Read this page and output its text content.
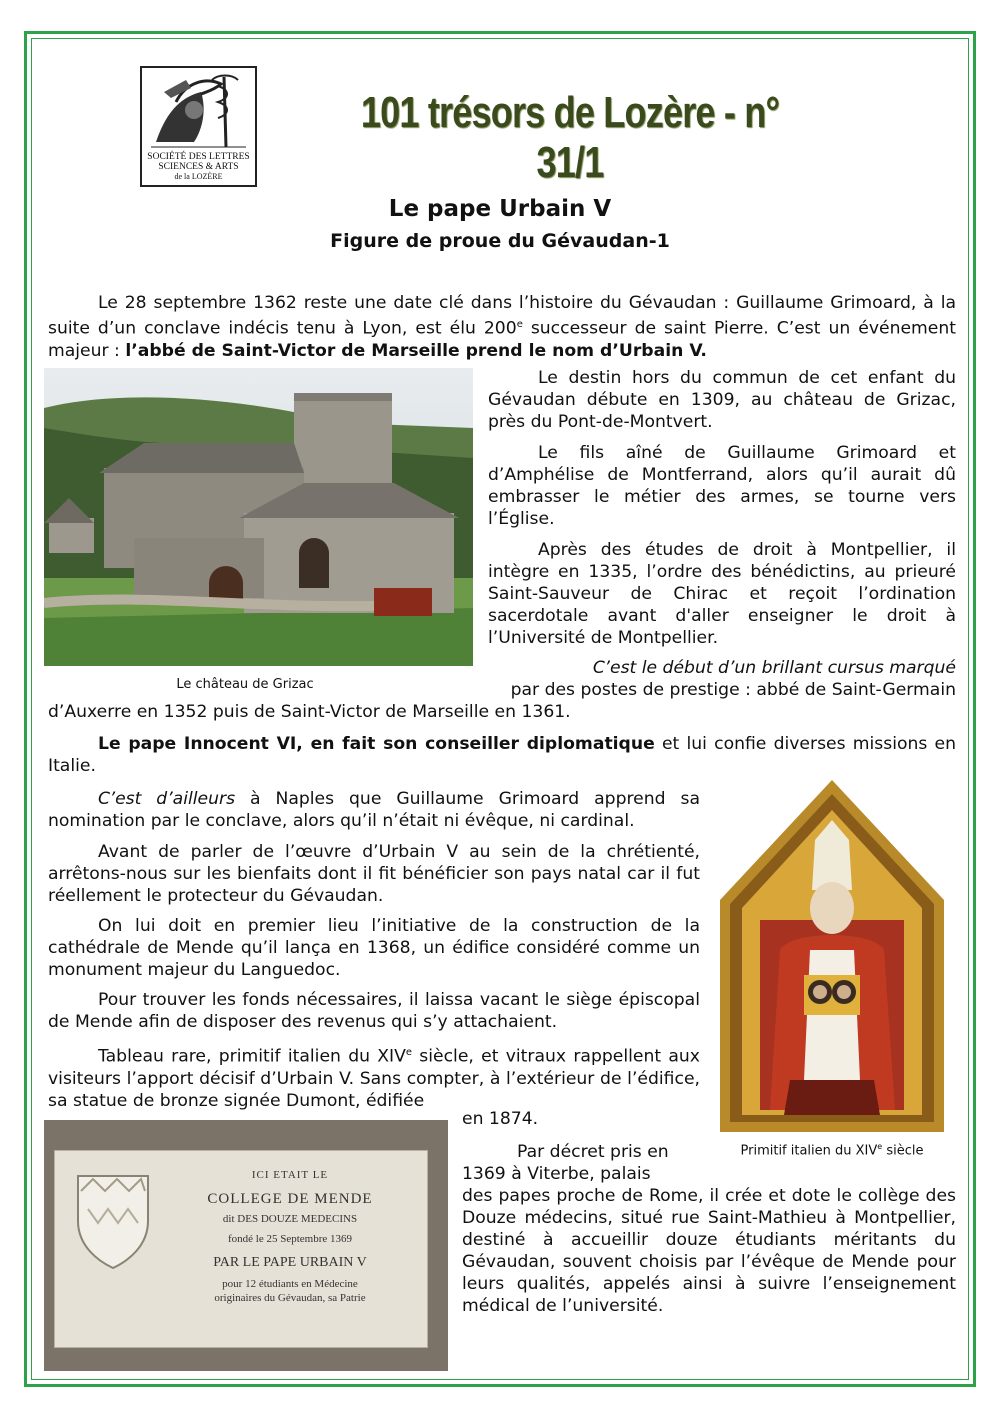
SOCIÉTÉ DES LETTRES
SCIENCES & ARTS
de la LOZÈRE
101 trésors de Lozère - n° 31/1
Le pape Urbain V
Figure de proue du Gévaudan-1

Le 28 septembre 1362 reste une date clé dans l’histoire du Gévaudan : Guillaume Grimoard, à la suite d’un conclave indécis tenu à Lyon, est élu 200e successeur de saint Pierre. C’est un événement majeur : l’abbé de Saint-Victor de Marseille prend le nom d’Urbain V.

Le château de Grizac

Le destin hors du commun de cet enfant du Gévaudan débute en 1309, au château de Grizac, près du Pont-de-Montvert.

Le fils aîné de Guillaume Grimoard et d’Amphélise de Montferrand, alors qu’il aurait dû embrasser le métier des armes, se tourne vers l’Église.

Après des études de droit à Montpellier, il intègre en 1335, l’ordre des bénédictins, au prieuré Saint-Sauveur de Chirac et reçoit l’ordination sacerdotale avant d'aller enseigner le droit à l’Université de Montpellier.

C’est le début d’un brillant cursus marqué

par des postes de prestige : abbé de Saint-Germain

d’Auxerre en 1352 puis de Saint-Victor de Marseille en 1361.

Le pape Innocent VI, en fait son conseiller diplomatique et lui confie diverses missions en Italie.

C’est d’ailleurs à Naples que Guillaume Grimoard apprend sa nomination par le conclave, alors qu’il n’était ni évêque, ni cardinal.

Avant de parler de l’œuvre d’Urbain V au sein de la chrétienté, arrêtons-nous sur les bienfaits dont il fit bénéficier son pays natal car il fut réellement le protecteur du Gévaudan.

On lui doit en premier lieu l’initiative de la construction de la cathédrale de Mende qu’il lança en 1368, un édifice considéré comme un monument majeur du Languedoc.

Pour trouver les fonds nécessaires, il laissa vacant le siège épiscopal de Mende afin de disposer des revenus qui s’y attachaient.

Tableau rare, primitif italien du XIVe siècle, et vitraux rappellent aux visiteurs l’apport décisif d’Urbain V. Sans compter, à l’extérieur de l’édifice, sa statue de bronze signée Dumont, édifiée

en 1874.

Primitif italien du XIVe siècle
ICI ETAIT LE
COLLEGE DE MENDE
dit DES DOUZE MEDECINS
fondé le 25 Septembre 1369
PAR LE PAPE URBAIN V
pour 12 étudiants en Médecine
originaires du Gévaudan, sa Patrie

Par décret pris en

1369 à Viterbe, palais

des papes proche de Rome, il crée et dote le collège des Douze médecins, situé rue Saint-Mathieu à Montpellier, destiné à accueillir douze étudiants méritants du Gévaudan, souvent choisis par l’évêque de Mende pour leurs qualités, appelés ainsi à suivre l’enseignement médical de l’université.
